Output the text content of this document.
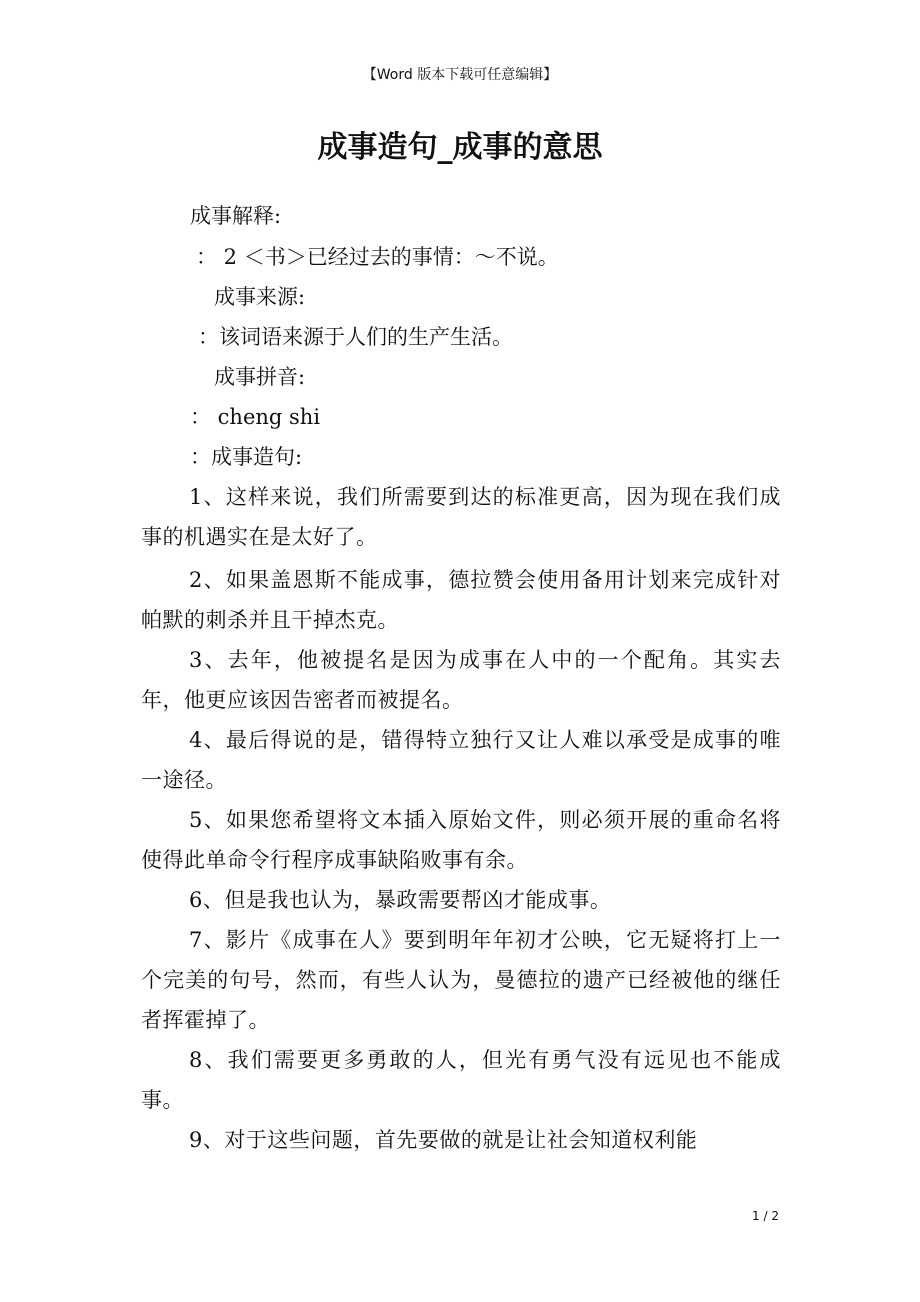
【Word 版本下载可任意编辑】
成事造句_成事的意思
成事解释:
： 2 ＜书＞已经过去的事情：～不说。
成事来源:
：该词语来源于人们的生产生活。
成事拼音:
： cheng shi
：成事造句:
1、这样来说，我们所需要到达的标准更高，因为现在我们成事的机遇实在是太好了。
2、如果盖恩斯不能成事，德拉赞会使用备用计划来完成针对帕默的刺杀并且干掉杰克。
3、去年，他被提名是因为成事在人中的一个配角。其实去年，他更应该因告密者而被提名。
4、最后得说的是，错得特立独行又让人难以承受是成事的唯一途径。
5、如果您希望将文本插入原始文件，则必须开展的重命名将使得此单命令行程序成事缺陷败事有余。
6、但是我也认为，暴政需要帮凶才能成事。
7、影片《成事在人》要到明年年初才公映，它无疑将打上一个完美的句号，然而，有些人认为，曼德拉的遗产已经被他的继任者挥霍掉了。
8、我们需要更多勇敢的人，但光有勇气没有远见也不能成事。
9、对于这些问题，首先要做的就是让社会知道权利能
1 / 2
